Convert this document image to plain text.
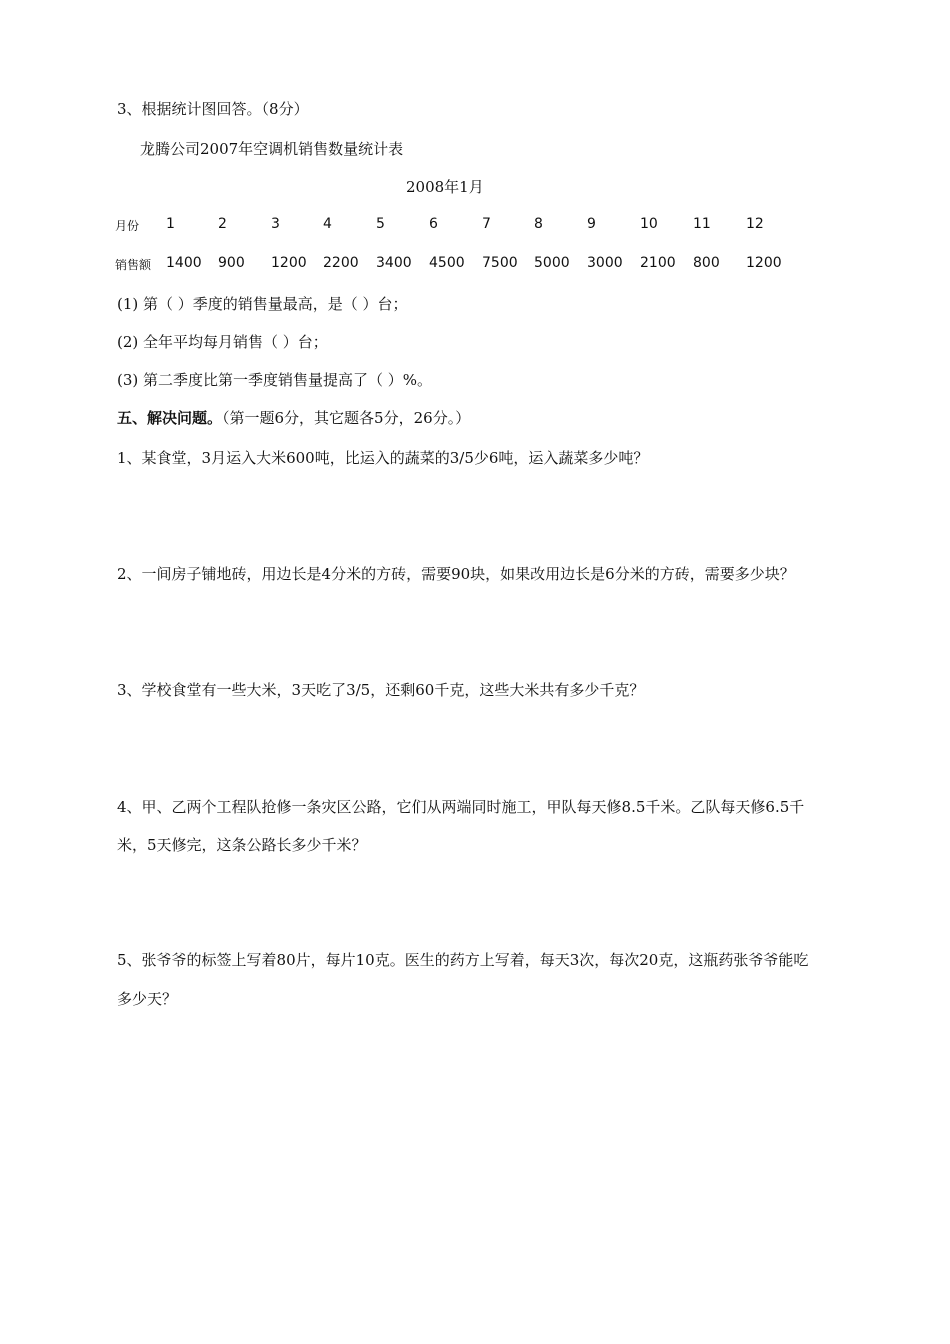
3、根据统计图回答。（8分）
龙腾公司2007年空调机销售数量统计表
2008年1月
月份 1	2	3	4	5	6	7	8	9	10	11	12
销售额 1400 900 1200 2200 3400 4500 7500 5000 3000 2100 800 1200
(1) 第（ ）季度的销售量最高，是（ ）台；
(2) 全年平均每月销售（ ）台；
(3) 第二季度比第一季度销售量提高了（ ）%。
五、解决问题。（第一题6分，其它题各5分，26分。）
1、某食堂，3月运入大米600吨，比运入的蔬菜的3/5少6吨，运入蔬菜多少吨？
2、一间房子铺地砖，用边长是4分米的方砖，需要90块，如果改用边长是6分米的方砖，需要多少块？
3、学校食堂有一些大米，3天吃了3/5，还剩60千克，这些大米共有多少千克？
4、甲、乙两个工程队抢修一条灾区公路，它们从两端同时施工，甲队每天修8.5千米。乙队每天修6.5千
米，5天修完，这条公路长多少千米？
5、张爷爷的标签上写着80片，每片10克。医生的药方上写着，每天3次，每次20克，这瓶药张爷爷能吃
多少天？
